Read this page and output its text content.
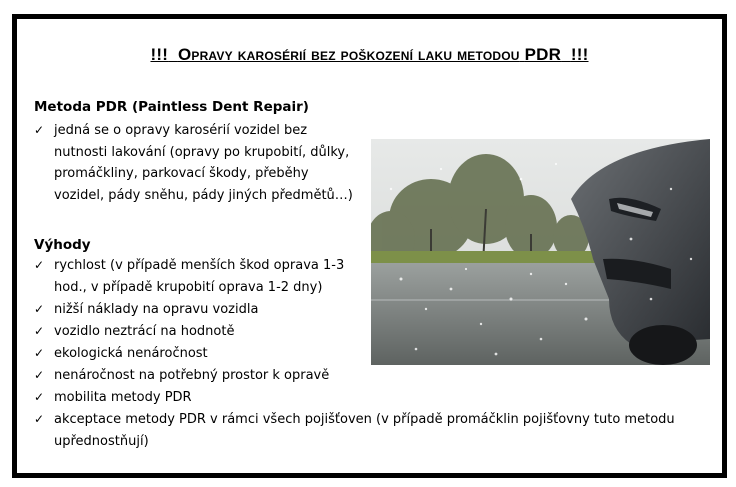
!!! Opravy karosérií bez poškození laku metodou PDR !!!
Metoda PDR (Paintless Dent Repair)
✓ jedná se o opravy karosérií vozidel bez
nutnosti lakování (opravy po krupobití, důlky,
promáčkliny, parkovací škody, přeběhy
vozidel, pády sněhu, pády jiných předmětů…)
Výhody
✓ rychlost (v případě menších škod oprava 1-3
hod., v případě krupobití oprava 1-2 dny)
✓ nižší náklady na opravu vozidla
✓ vozidlo neztrácí na hodnotě
✓ ekologická nenáročnost
✓ nenáročnost na potřebný prostor k opravě
✓ mobilita metody PDR
✓ akceptace metody PDR v rámci všech pojišťoven (v případě promáčklin pojišťovny tuto metodu
upřednostňují)
